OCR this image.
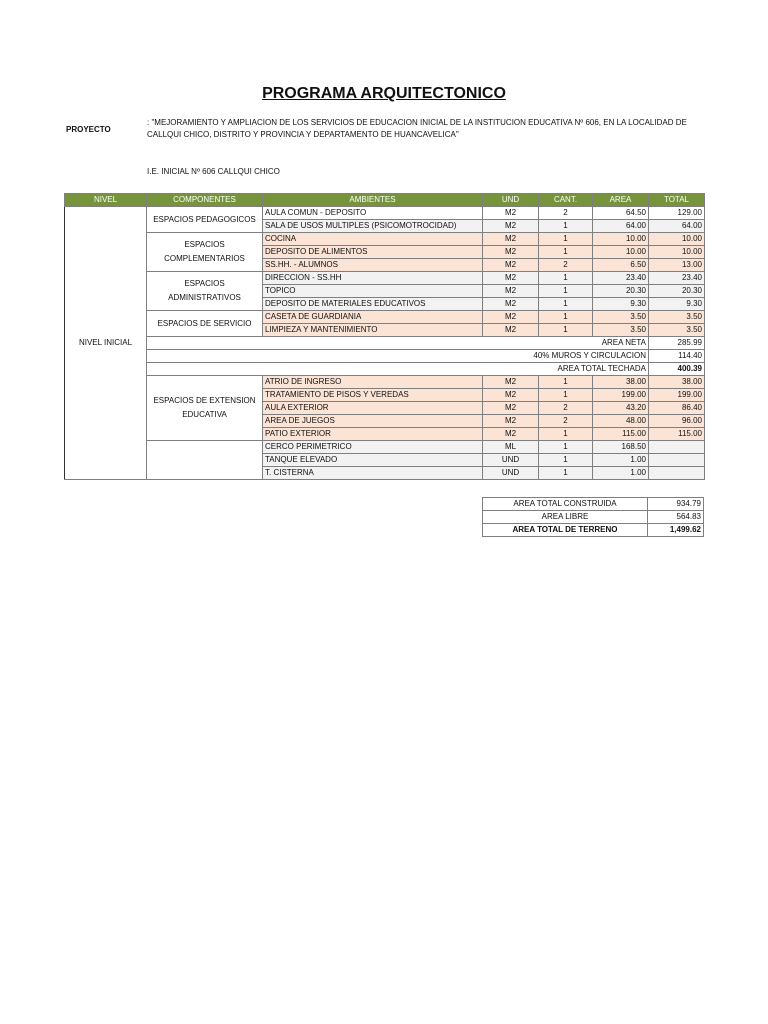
PROGRAMA ARQUITECTONICO
PROYECTO
: "MEJORAMIENTO Y AMPLIACION DE LOS SERVICIOS DE EDUCACION INICIAL DE LA INSTITUCION EDUCATIVA Nº 606, EN LA LOCALIDAD DE CALLQUI CHICO, DISTRITO Y PROVINCIA Y DEPARTAMENTO DE HUANCAVELICA"
I.E. INICIAL Nº 606 CALLQUI CHICO
NIVEL	COMPONENTES	AMBIENTES	UND	CANT.	AREA	TOTAL
NIVEL INICIAL	ESPACIOS PEDAGOGICOS	AULA COMUN - DEPOSITO	M2	2	64.50	129.00
		SALA DE USOS MULTIPLES (PSICOMOTROCIDAD)	M2	1	64.00	64.00
	ESPACIOS COMPLEMENTARIOS	COCINA	M2	1	10.00	10.00
		DEPOSITO DE ALIMENTOS	M2	1	10.00	10.00
		SS.HH. - ALUMNOS	M2	2	6.50	13.00
	ESPACIOS ADMINISTRATIVOS	DIRECCION - SS.HH	M2	1	23.40	23.40
		TOPICO	M2	1	20.30	20.30
		DEPOSITO DE MATERIALES EDUCATIVOS	M2	1	9.30	9.30
	ESPACIOS DE SERVICIO	CASETA DE GUARDIANIA	M2	1	3.50	3.50
		LIMPIEZA Y MANTENIMIENTO	M2	1	3.50	3.50
	AREA NETA					285.99
	40% MUROS Y CIRCULACION					114.40
	AREA TOTAL TECHADA					400.39
	ESPACIOS DE EXTENSION EDUCATIVA	ATRIO DE INGRESO	M2	1	38.00	38.00
		TRATAMIENTO DE PISOS Y VEREDAS	M2	1	199.00	199.00
		AULA EXTERIOR	M2	2	43.20	86.40
		AREA DE JUEGOS	M2	2	48.00	96.00
		PATIO EXTERIOR	M2	1	115.00	115.00
		CERCO PERIMETRICO	ML	1	168.50	
		TANQUE ELEVADO	UND	1	1.00	
		T. CISTERNA	UND	1	1.00	
AREA TOTAL CONSTRUIDA	934.79
AREA LIBRE	564.83
AREA TOTAL DE TERRENO	1,499.62
